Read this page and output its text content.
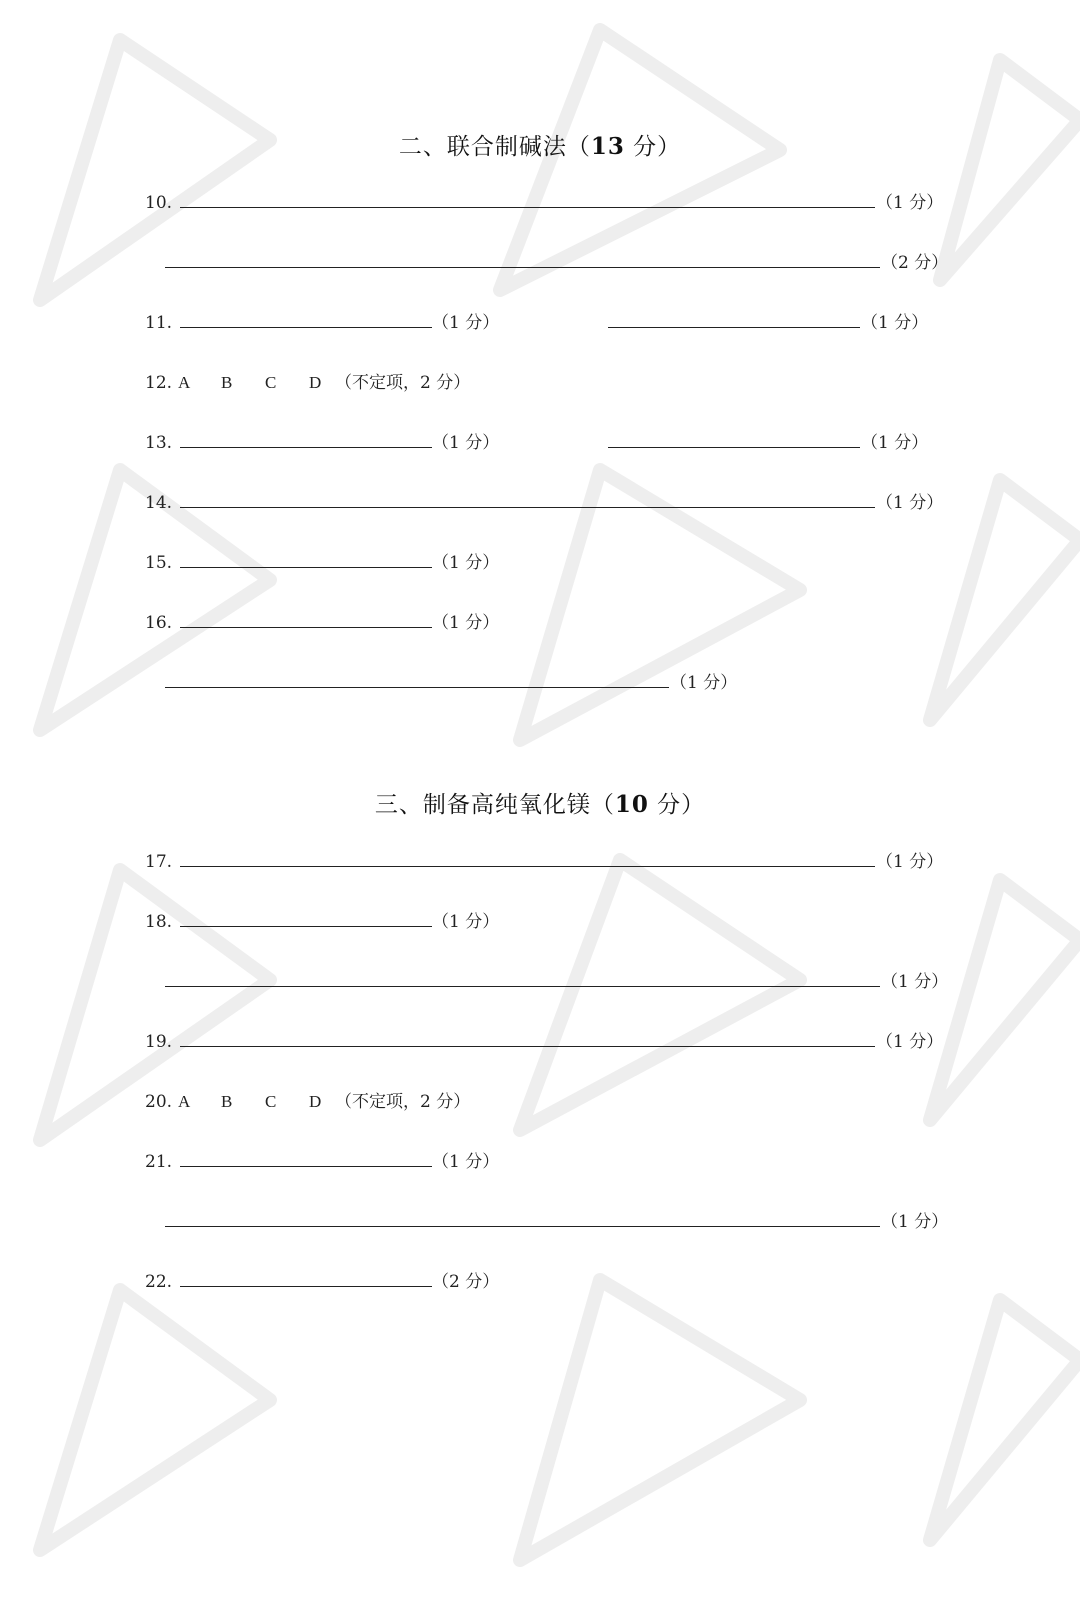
二、联合制碱法（13 分）
10.	（1 分）
（2 分）
11.	（1 分）	（1 分）
12. A B C D （不定项，2 分）
13.	（1 分）	（1 分）
14.	（1 分）
15.	（1 分）
16.	（1 分）
（1 分）
三、制备高纯氧化镁（10 分）
17.	（1 分）
18.	（1 分）
（1 分）
19.	（1 分）
20. A B C D （不定项，2 分）
21.	（1 分）
（1 分）
22.	（2 分）
